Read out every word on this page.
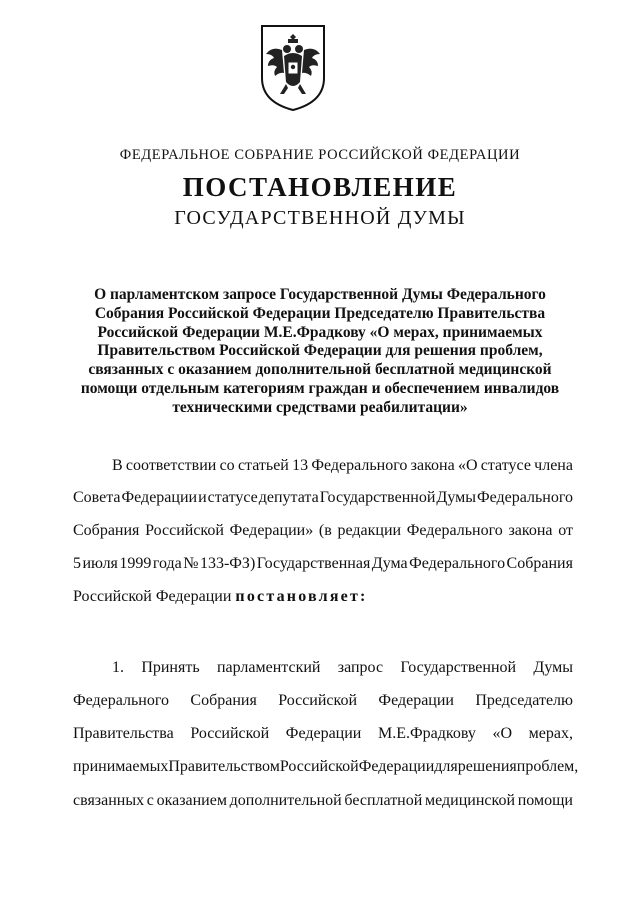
ФЕДЕРАЛЬНОЕ СОБРАНИЕ РОССИЙСКОЙ ФЕДЕРАЦИИ
ПОСТАНОВЛЕНИЕ
ГОСУДАРСТВЕННОЙ ДУМЫ
О парламентском запросе Государственной Думы Федерального
Собрания Российской Федерации Председателю Правительства
Российской Федерации М.Е.Фрадкову «О мерах, принимаемых
Правительством Российской Федерации для решения проблем,
связанных с оказанием дополнительной бесплатной медицинской
помощи отдельным категориям граждан и обеспечением инвалидов
техническими средствами реабилитации»
В соответствии со статьей 13 Федерального закона «О статусе члена
Совета Федерации и статусе депутата Государственной Думы Федерального
Собрания Российской Федерации» (в редакции Федерального закона от
5 июля 1999 года № 133-ФЗ) Государственная Дума Федерального Собрания
Российской Федерации постановляет:
1. Принять парламентский запрос Государственной Думы
Федерального Собрания Российской Федерации Председателю
Правительства Российской Федерации М.Е.Фрадкову «О мерах,
принимаемых Правительством Российской Федерации для решения проблем,
связанных с оказанием дополнительной бесплатной медицинской помощи
